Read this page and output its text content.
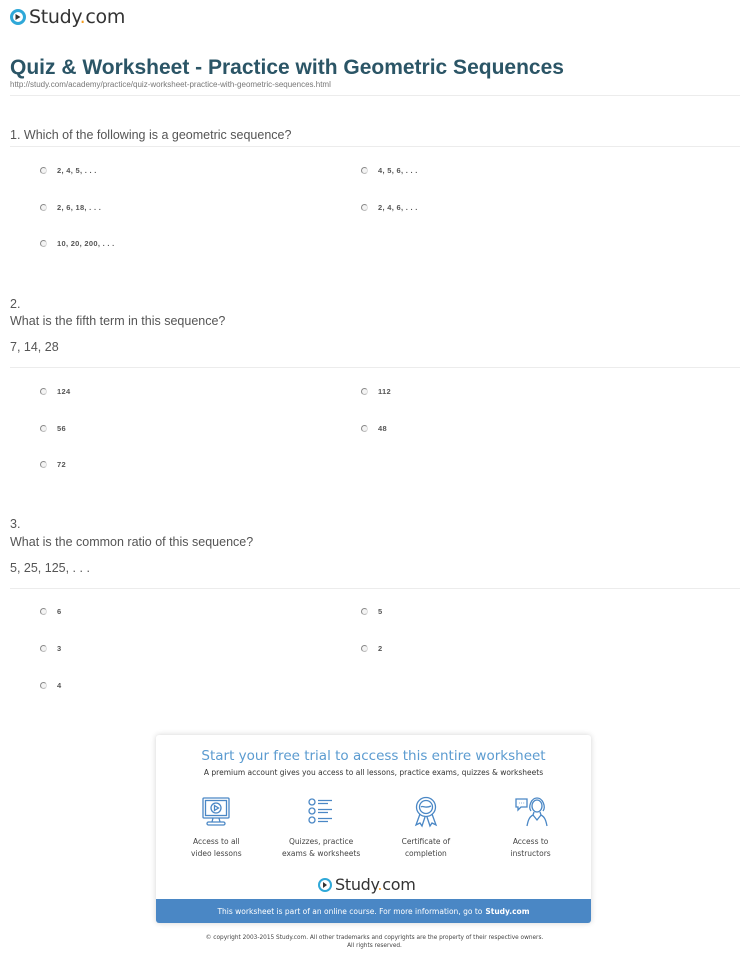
Study.com
Quiz & Worksheet - Practice with Geometric Sequences
http://study.com/academy/practice/quiz-worksheet-practice-with-geometric-sequences.html
1. Which of the following is a geometric sequence?
2, 4, 5, . . .	4, 5, 6, . . .
2, 6, 18, . . .	2, 4, 6, . . .
10, 20, 200, . . .
2.
What is the fifth term in this sequence?
7, 14, 28
124	112
56	48
72
3.
What is the common ratio of this sequence?
5, 25, 125, . . .
6	5
3	2
4
Start your free trial to access this entire worksheet
A premium account gives you access to all lessons, practice exams, quizzes & worksheets
Access to all
video lessons
Quizzes, practice
exams & worksheets
Certificate of
completion
Access to
instructors
Study.com
This worksheet is part of an online course. For more information, go to Study.com
© copyright 2003-2015 Study.com. All other trademarks and copyrights are the property of their respective owners.
All rights reserved.
